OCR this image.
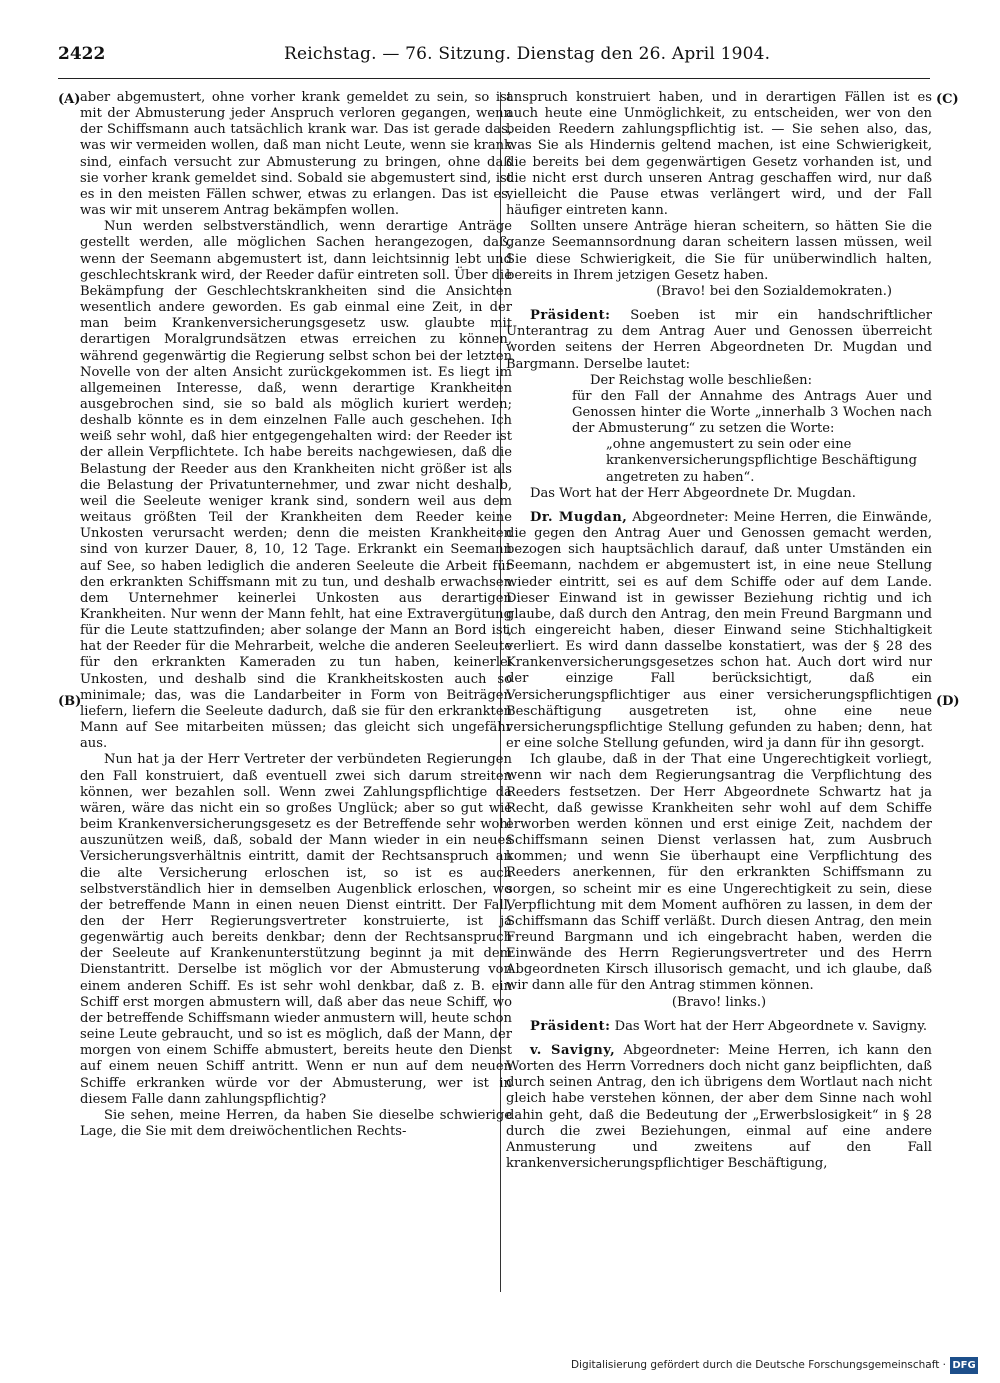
2422	Reichstag. — 76. Sitzung. Dienstag den 26. April 1904.
(A)
(B)
(C)
(D)

aber abgemustert, ohne vorher krank gemeldet zu sein, so ist mit der Abmusterung jeder Anspruch verloren gegangen, wenn der Schiffsmann auch tatsächlich krank war. Das ist gerade das, was wir vermeiden wollen, daß man nicht Leute, wenn sie krank sind, einfach versucht zur Abmusterung zu bringen, ohne daß sie vorher krank gemeldet sind. Sobald sie abgemustert sind, ist es in den meisten Fällen schwer, etwas zu erlangen. Das ist es, was wir mit unserem Antrag bekämpfen wollen.

Nun werden selbstverständlich, wenn derartige Anträge gestellt werden, alle möglichen Sachen herangezogen, daß, wenn der Seemann abgemustert ist, dann leichtsinnig lebt und geschlechtskrank wird, der Reeder dafür eintreten soll. Über die Bekämpfung der Geschlechtskrankheiten sind die Ansichten wesentlich andere geworden. Es gab einmal eine Zeit, in der man beim Krankenversicherungsgesetz usw. glaubte mit derartigen Moralgrundsätzen etwas erreichen zu können, während gegenwärtig die Regierung selbst schon bei der letzten Novelle von der alten Ansicht zurückgekommen ist. Es liegt im allgemeinen Interesse, daß, wenn derartige Krankheiten ausgebrochen sind, sie so bald als möglich kuriert werden; deshalb könnte es in dem einzelnen Falle auch geschehen. Ich weiß sehr wohl, daß hier entgegengehalten wird: der Reeder ist der allein Verpflichtete. Ich habe bereits nachgewiesen, daß die Belastung der Reeder aus den Krankheiten nicht größer ist als die Belastung der Privatunternehmer, und zwar nicht deshalb, weil die Seeleute weniger krank sind, sondern weil aus dem weitaus größten Teil der Krankheiten dem Reeder keine Unkosten verursacht werden; denn die meisten Krankheiten sind von kurzer Dauer, 8, 10, 12 Tage. Erkrankt ein Seemann auf See, so haben lediglich die anderen Seeleute die Arbeit für den erkrankten Schiffsmann mit zu tun, und deshalb erwachsen dem Unternehmer keinerlei Unkosten aus derartigen Krankheiten. Nur wenn der Mann fehlt, hat eine Extravergütung für die Leute stattzufinden; aber solange der Mann an Bord ist, hat der Reeder für die Mehrarbeit, welche die anderen Seeleute für den erkrankten Kameraden zu tun haben, keinerlei Unkosten, und deshalb sind die Krankheitskosten auch so minimale; das, was die Landarbeiter in Form von Beiträgen liefern, liefern die Seeleute dadurch, daß sie für den erkrankten Mann auf See mitarbeiten müssen; das gleicht sich ungefähr aus.

Nun hat ja der Herr Vertreter der verbündeten Regierungen den Fall konstruiert, daß eventuell zwei sich darum streiten können, wer bezahlen soll. Wenn zwei Zahlungspflichtige da wären, wäre das nicht ein so großes Unglück; aber so gut wie beim Krankenversicherungsgesetz es der Betreffende sehr wohl auszunützen weiß, daß, sobald der Mann wieder in ein neues Versicherungsverhältnis eintritt, damit der Rechtsanspruch an die alte Versicherung erloschen ist, so ist es auch selbstverständlich hier in demselben Augenblick erloschen, wo der betreffende Mann in einen neuen Dienst eintritt. Der Fall, den der Herr Regierungsvertreter konstruierte, ist ja gegenwärtig auch bereits denkbar; denn der Rechtsanspruch der Seeleute auf Krankenunterstützung beginnt ja mit dem Dienstantritt. Derselbe ist möglich vor der Abmusterung von einem anderen Schiff. Es ist sehr wohl denkbar, daß z. B. ein Schiff erst morgen abmustern will, daß aber das neue Schiff, wo der betreffende Schiffsmann wieder anmustern will, heute schon seine Leute gebraucht, und so ist es möglich, daß der Mann, der morgen von einem Schiffe abmustert, bereits heute den Dienst auf einem neuen Schiff antritt. Wenn er nun auf dem neuen Schiffe erkranken würde vor der Abmusterung, wer ist in diesem Falle dann zahlungspflichtig?

Sie sehen, meine Herren, da haben Sie dieselbe schwierige Lage, die Sie mit dem dreiwöchentlichen Rechts-

anspruch konstruiert haben, und in derartigen Fällen ist es auch heute eine Unmöglichkeit, zu entscheiden, wer von den beiden Reedern zahlungspflichtig ist. — Sie sehen also, das, was Sie als Hindernis geltend machen, ist eine Schwierigkeit, die bereits bei dem gegenwärtigen Gesetz vorhanden ist, und die nicht erst durch unseren Antrag geschaffen wird, nur daß vielleicht die Pause etwas verlängert wird, und der Fall häufiger eintreten kann.

Sollten unsere Anträge hieran scheitern, so hätten Sie die ganze Seemannsordnung daran scheitern lassen müssen, weil Sie diese Schwierigkeit, die Sie für unüberwindlich halten, bereits in Ihrem jetzigen Gesetz haben.

(Bravo! bei den Sozialdemokraten.)

Präsident: Soeben ist mir ein handschriftlicher Unterantrag zu dem Antrag Auer und Genossen überreicht worden seitens der Herren Abgeordneten Dr. Mugdan und Bargmann. Derselbe lautet:

Der Reichstag wolle beschließen:

für den Fall der Annahme des Antrags Auer und Genossen hinter die Worte „innerhalb 3 Wochen nach der Abmusterung“ zu setzen die Worte:

„ohne angemustert zu sein oder eine krankenversicherungspflichtige Beschäftigung angetreten zu haben“.

Das Wort hat der Herr Abgeordnete Dr. Mugdan.

Dr. Mugdan, Abgeordneter: Meine Herren, die Einwände, die gegen den Antrag Auer und Genossen gemacht werden, bezogen sich hauptsächlich darauf, daß unter Umständen ein Seemann, nachdem er abgemustert ist, in eine neue Stellung wieder eintritt, sei es auf dem Schiffe oder auf dem Lande. Dieser Einwand ist in gewisser Beziehung richtig und ich glaube, daß durch den Antrag, den mein Freund Bargmann und ich eingereicht haben, dieser Einwand seine Stichhaltigkeit verliert. Es wird dann dasselbe konstatiert, was der § 28 des Krankenversicherungsgesetzes schon hat. Auch dort wird nur der einzige Fall berücksichtigt, daß ein Versicherungspflichtiger aus einer versicherungspflichtigen Beschäftigung ausgetreten ist, ohne eine neue versicherungspflichtige Stellung gefunden zu haben; denn, hat er eine solche Stellung gefunden, wird ja dann für ihn gesorgt.

Ich glaube, daß in der That eine Ungerechtigkeit vorliegt, wenn wir nach dem Regierungsantrag die Verpflichtung des Reeders festsetzen. Der Herr Abgeordnete Schwartz hat ja Recht, daß gewisse Krankheiten sehr wohl auf dem Schiffe erworben werden können und erst einige Zeit, nachdem der Schiffsmann seinen Dienst verlassen hat, zum Ausbruch kommen; und wenn Sie überhaupt eine Verpflichtung des Reeders anerkennen, für den erkrankten Schiffsmann zu sorgen, so scheint mir es eine Ungerechtigkeit zu sein, diese Verpflichtung mit dem Moment aufhören zu lassen, in dem der Schiffsmann das Schiff verläßt. Durch diesen Antrag, den mein Freund Bargmann und ich eingebracht haben, werden die Einwände des Herrn Regierungsvertreter und des Herrn Abgeordneten Kirsch illusorisch gemacht, und ich glaube, daß wir dann alle für den Antrag stimmen können.

(Bravo! links.)

Präsident: Das Wort hat der Herr Abgeordnete v. Savigny.

v. Savigny, Abgeordneter: Meine Herren, ich kann den Worten des Herrn Vorredners doch nicht ganz beipflichten, daß durch seinen Antrag, den ich übrigens dem Wortlaut nach nicht gleich habe verstehen können, der aber dem Sinne nach wohl dahin geht, daß die Bedeutung der „Erwerbslosigkeit“ in § 28 durch die zwei Beziehungen, einmal auf eine andere Anmusterung und zweitens auf den Fall krankenversicherungspflichtiger Beschäftigung,

Digitalisierung gefördert durch die Deutsche Forschungsgemeinschaft · DFG
